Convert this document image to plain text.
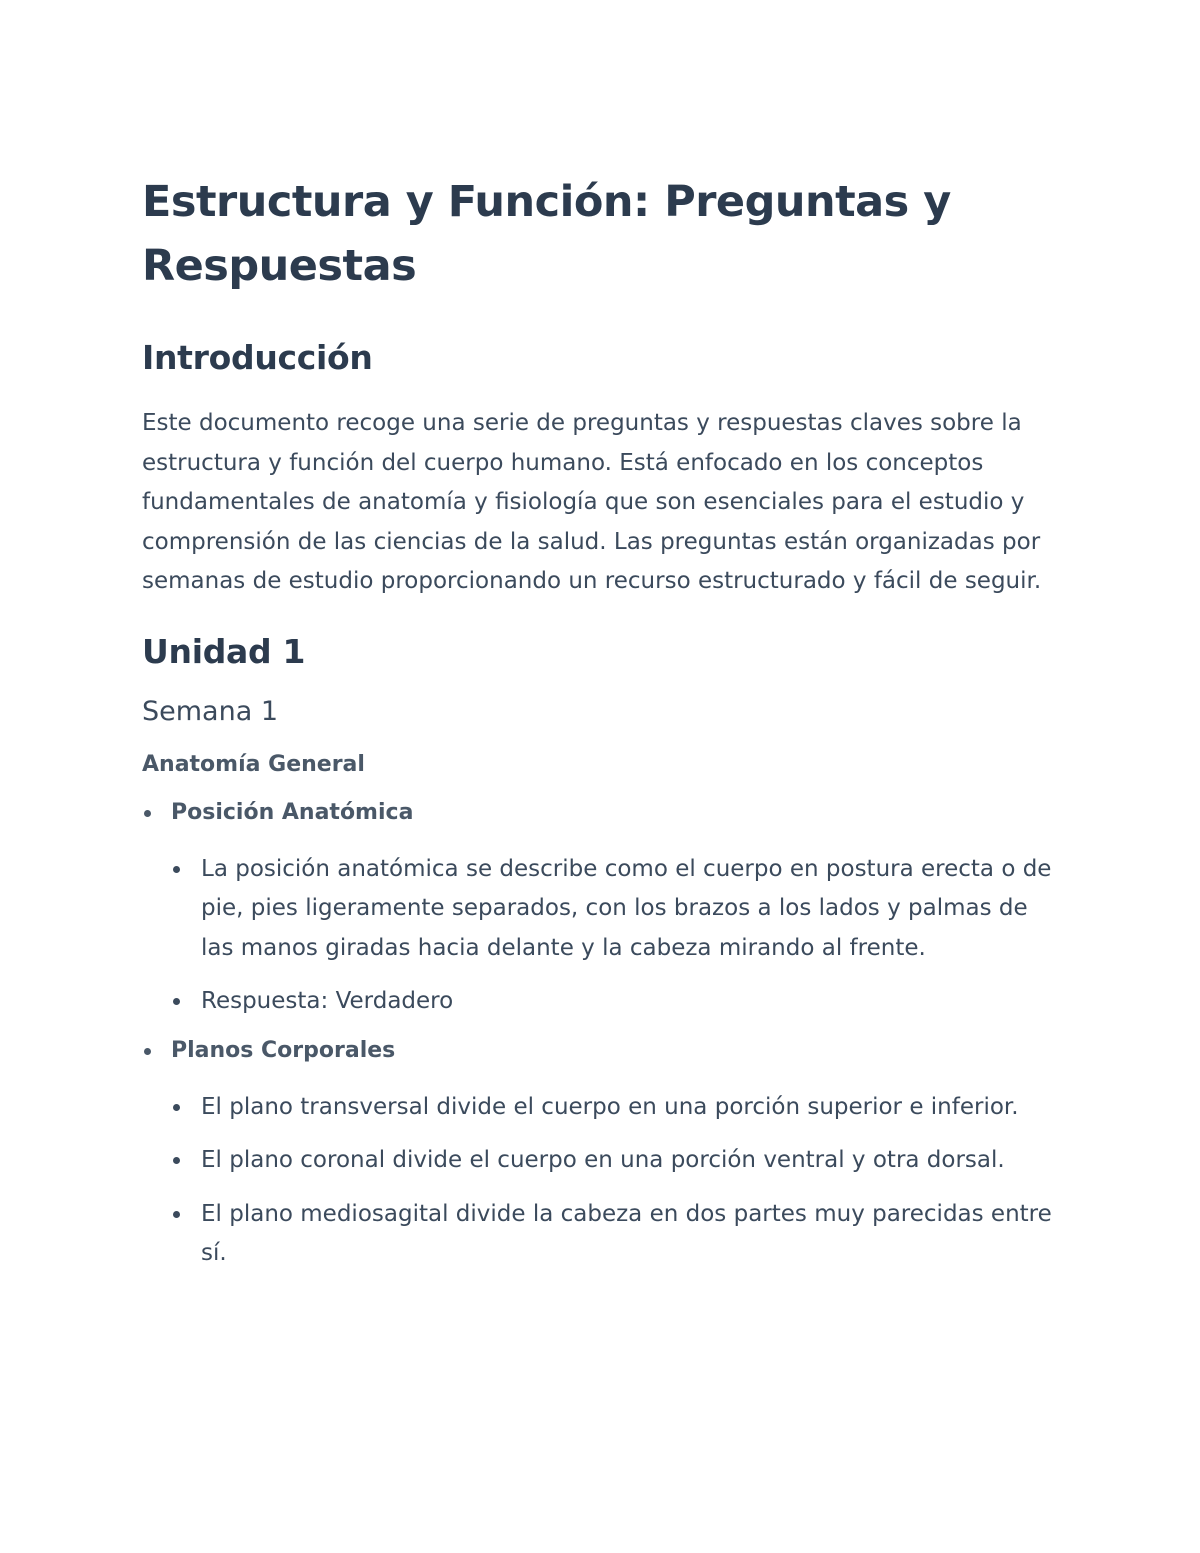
Estructura y Función: Preguntas y Respuestas
Introducción

Este documento recoge una serie de preguntas y respuestas claves sobre la estructura y función del cuerpo humano. Está enfocado en los conceptos fundamentales de anatomía y fisiología que son esenciales para el estudio y comprensión de las ciencias de la salud. Las preguntas están organizadas por semanas de estudio proporcionando un recurso estructurado y fácil de seguir.

Unidad 1
Semana 1
Anatomía General
Posición Anatómica
La posición anatómica se describe como el cuerpo en postura erecta o de pie, pies ligeramente separados, con los brazos a los lados y palmas de las manos giradas hacia delante y la cabeza mirando al frente.
Respuesta: Verdadero
Planos Corporales
El plano transversal divide el cuerpo en una porción superior e inferior.
El plano coronal divide el cuerpo en una porción ventral y otra dorsal.
El plano mediosagital divide la cabeza en dos partes muy parecidas entre sí.
